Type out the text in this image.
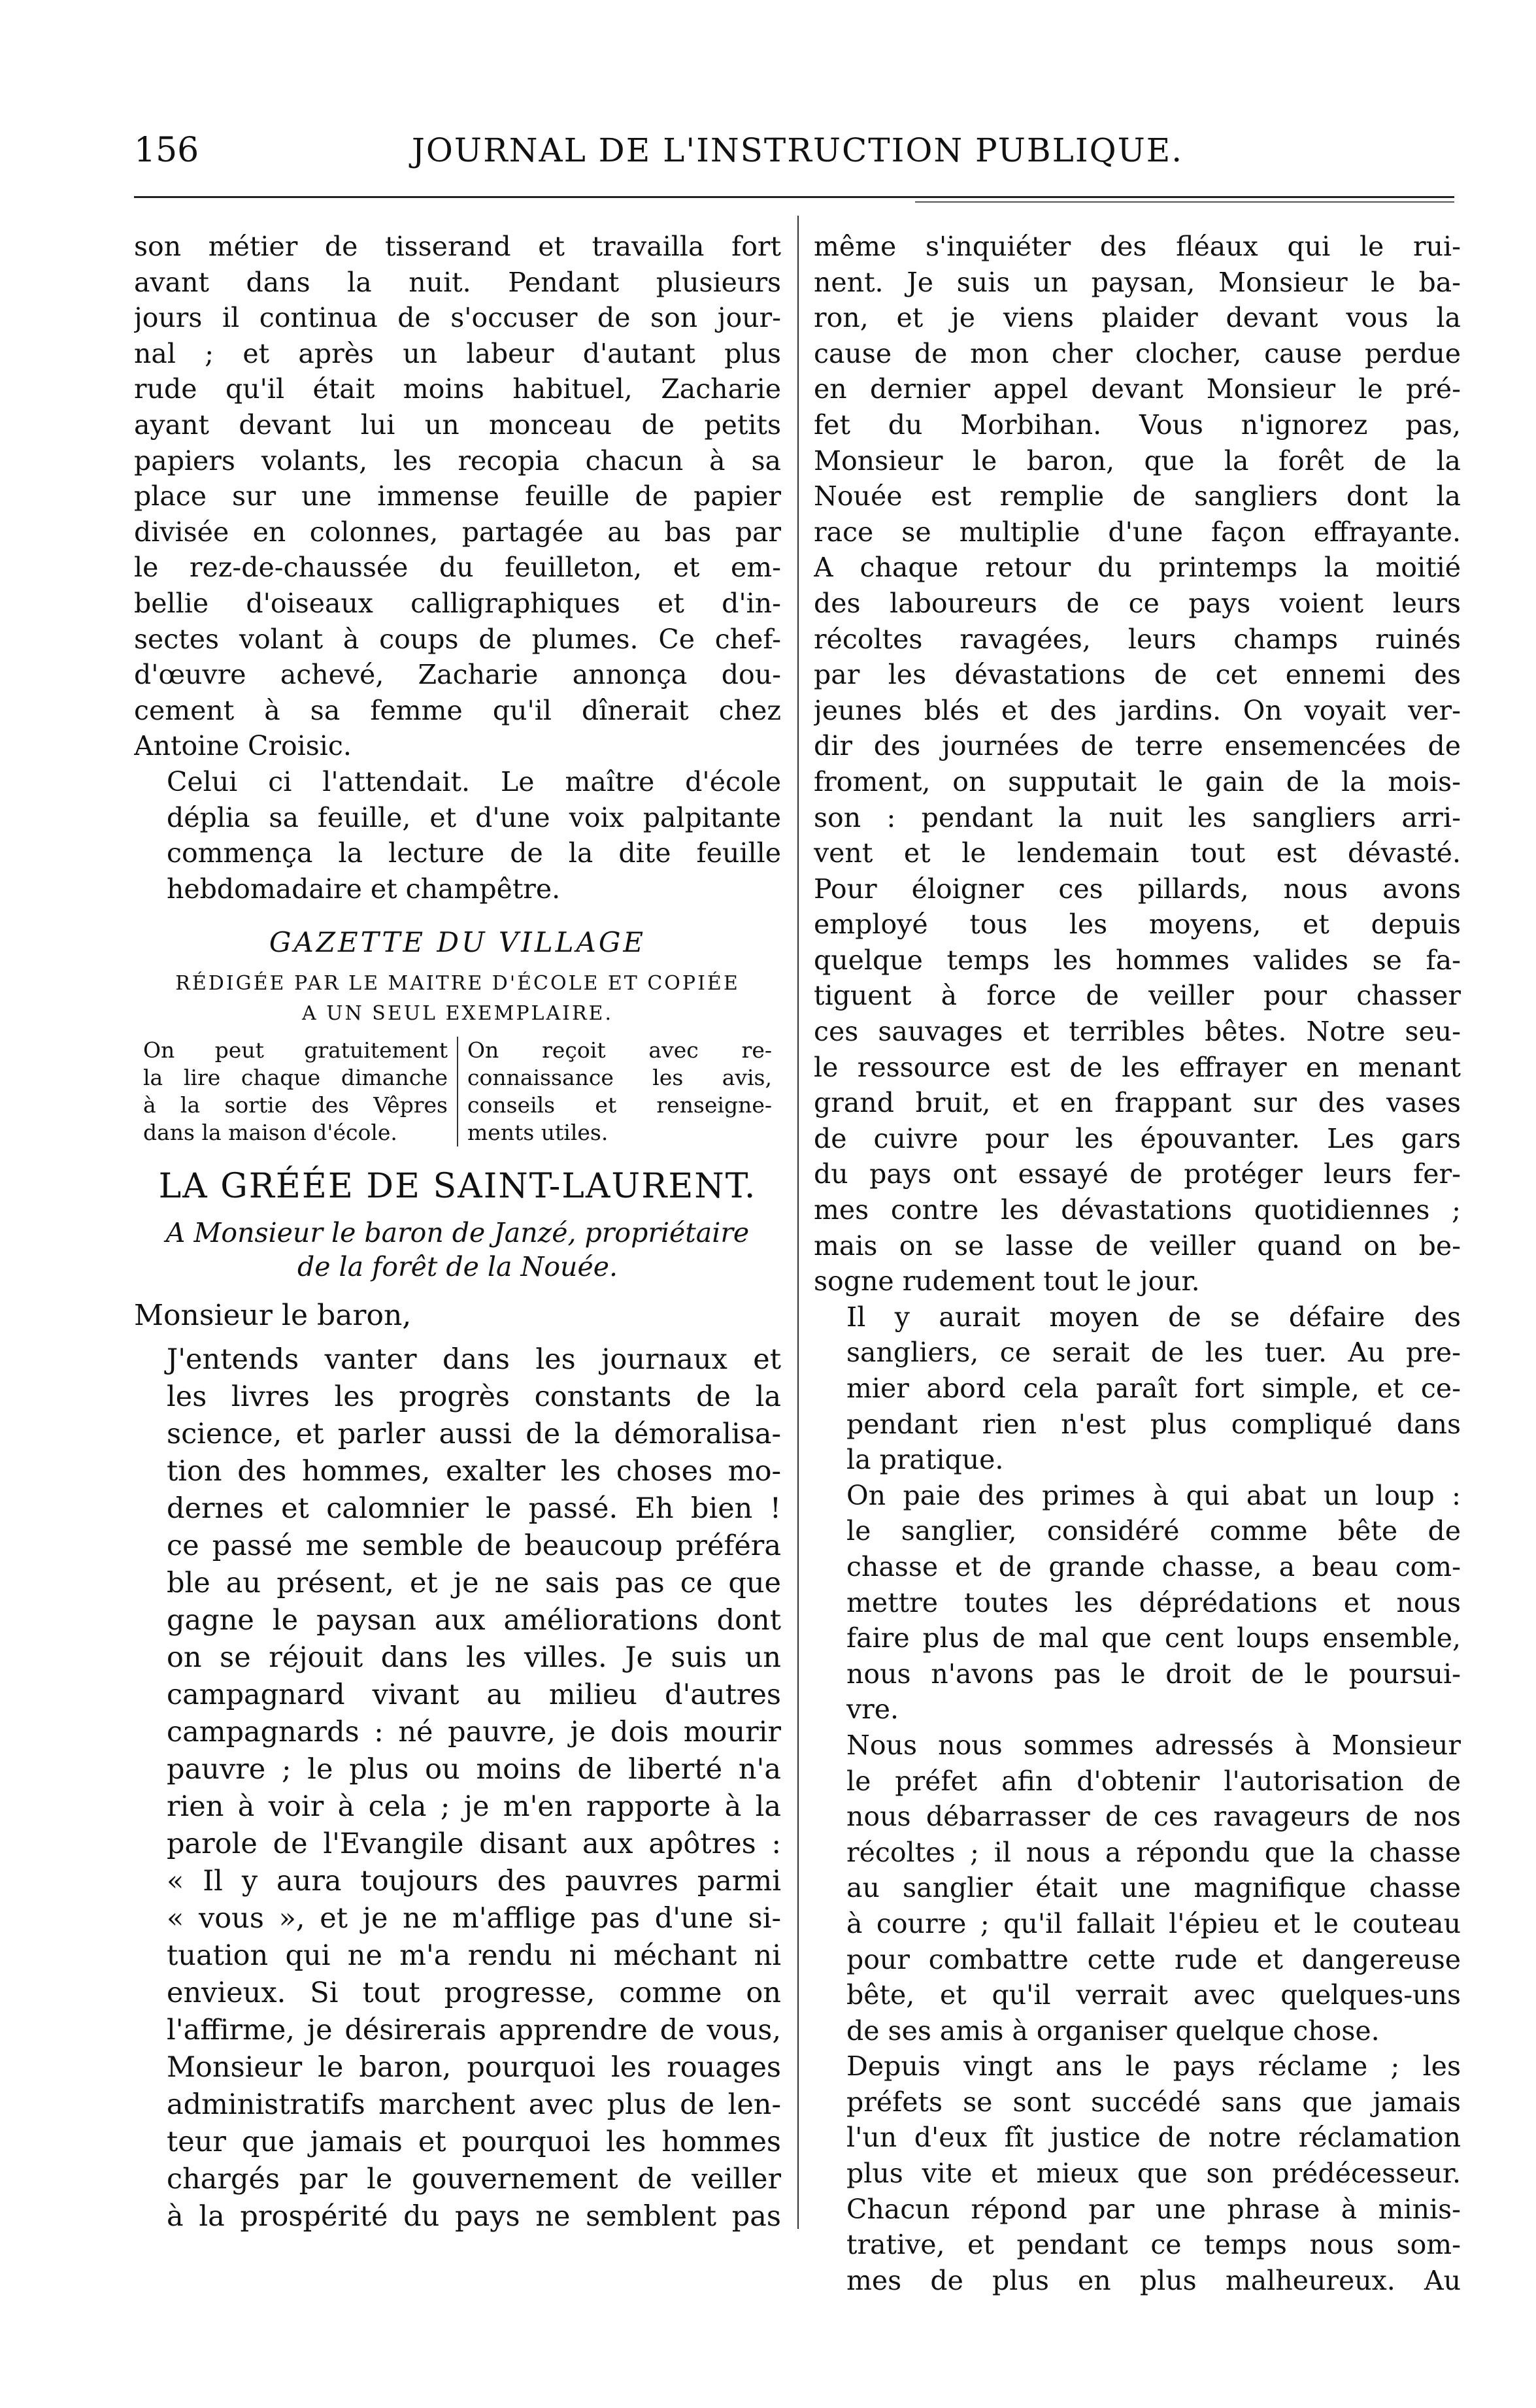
156	JOURNAL DE L'INSTRUCTION PUBLIQUE.

son métier de tisserand et travailla fort
avant dans la nuit. Pendant plusieurs
jours il continua de s'occuser de son jour-
nal ; et après un labeur d'autant plus
rude qu'il était moins habituel, Zacharie
ayant devant lui un monceau de petits
papiers volants, les recopia chacun à sa
place sur une immense feuille de papier
divisée en colonnes, partagée au bas par
le rez-de-chaussée du feuilleton, et em-
bellie d'oiseaux calligraphiques et d'in-
sectes volant à coups de plumes. Ce chef-
d'œuvre achevé, Zacharie annonça dou-
cement à sa femme qu'il dînerait chez
Antoine Croisic.

Celui ci l'attendait. Le maître d'école
déplia sa feuille, et d'une voix palpitante
commença la lecture de la dite feuille
hebdomadaire et champêtre.

GAZETTE DU VILLAGE
RÉDIGÉE PAR LE MAITRE D'ÉCOLE ET COPIÉE
A UN SEUL EXEMPLAIRE.
On peut gratuitement
la lire chaque dimanche
à la sortie des Vêpres
dans la maison d'école.
On reçoit avec re-
connaissance les avis,
conseils et renseigne-
ments utiles.
LA GRÉÉE DE SAINT-LAURENT.
A Monsieur le baron de Janzé, propriétaire
de la forêt de la Nouée.
Monsieur le baron,

J'entends vanter dans les journaux et
les livres les progrès constants de la
science, et parler aussi de la démoralisa-
tion des hommes, exalter les choses mo-
dernes et calomnier le passé. Eh bien !
ce passé me semble de beaucoup préféra
ble au présent, et je ne sais pas ce que
gagne le paysan aux améliorations dont
on se réjouit dans les villes. Je suis un
campagnard vivant au milieu d'autres
campagnards : né pauvre, je dois mourir
pauvre ; le plus ou moins de liberté n'a
rien à voir à cela ; je m'en rapporte à la
parole de l'Evangile disant aux apôtres :
« Il y aura toujours des pauvres parmi
« vous », et je ne m'afflige pas d'une si-
tuation qui ne m'a rendu ni méchant ni
envieux. Si tout progresse, comme on
l'affirme, je désirerais apprendre de vous,
Monsieur le baron, pourquoi les rouages
administratifs marchent avec plus de len-
teur que jamais et pourquoi les hommes
chargés par le gouvernement de veiller
à la prospérité du pays ne semblent pas

même s'inquiéter des fléaux qui le rui-
nent. Je suis un paysan, Monsieur le ba-
ron, et je viens plaider devant vous la
cause de mon cher clocher, cause perdue
en dernier appel devant Monsieur le pré-
fet du Morbihan. Vous n'ignorez pas,
Monsieur le baron, que la forêt de la
Nouée est remplie de sangliers dont la
race se multiplie d'une façon effrayante.
A chaque retour du printemps la moitié
des laboureurs de ce pays voient leurs
récoltes ravagées, leurs champs ruinés
par les dévastations de cet ennemi des
jeunes blés et des jardins. On voyait ver-
dir des journées de terre ensemencées de
froment, on supputait le gain de la mois-
son : pendant la nuit les sangliers arri-
vent et le lendemain tout est dévasté.
Pour éloigner ces pillards, nous avons
employé tous les moyens, et depuis
quelque temps les hommes valides se fa-
tiguent à force de veiller pour chasser
ces sauvages et terribles bêtes. Notre seu-
le ressource est de les effrayer en menant
grand bruit, et en frappant sur des vases
de cuivre pour les épouvanter. Les gars
du pays ont essayé de protéger leurs fer-
mes contre les dévastations quotidiennes ;
mais on se lasse de veiller quand on be-
sogne rudement tout le jour.

Il y aurait moyen de se défaire des
sangliers, ce serait de les tuer. Au pre-
mier abord cela paraît fort simple, et ce-
pendant rien n'est plus compliqué dans
la pratique.

On paie des primes à qui abat un loup :
le sanglier, considéré comme bête de
chasse et de grande chasse, a beau com-
mettre toutes les déprédations et nous
faire plus de mal que cent loups ensemble,
nous n'avons pas le droit de le poursui-
vre.

Nous nous sommes adressés à Monsieur
le préfet afin d'obtenir l'autorisation de
nous débarrasser de ces ravageurs de nos
récoltes ; il nous a répondu que la chasse
au sanglier était une magnifique chasse
à courre ; qu'il fallait l'épieu et le couteau
pour combattre cette rude et dangereuse
bête, et qu'il verrait avec quelques-uns
de ses amis à organiser quelque chose.

Depuis vingt ans le pays réclame ; les
préfets se sont succédé sans que jamais
l'un d'eux fît justice de notre réclamation
plus vite et mieux que son prédécesseur.
Chacun répond par une phrase à minis-
trative, et pendant ce temps nous som-
mes de plus en plus malheureux. Au
